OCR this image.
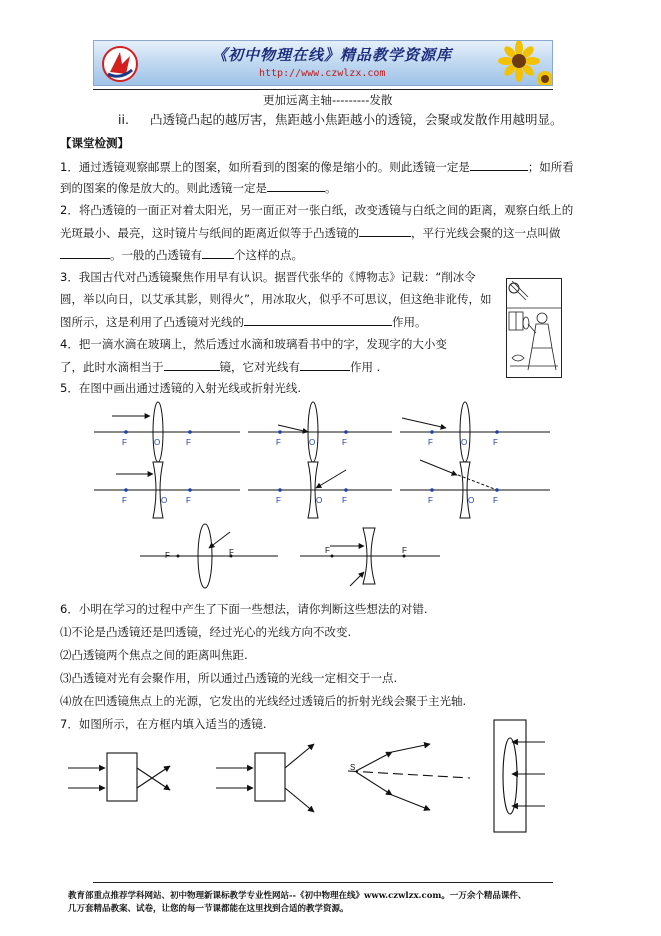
《初中物理在线》精品教学资源库
http://www.czwlzx.com
更加远离主轴---------发散
ii. 凸透镜凸起的越厉害，焦距越小焦距越小的透镜，会聚或发散作用越明显。
【课堂检测】
1．通过透镜观察邮票上的图案，如所看到的图案的像是缩小的。则此透镜一定是	；如所看
到的图案的像是放大的。则此透镜一定是	。
2．将凸透镜的一面正对着太阳光，另一面正对一张白纸，改变透镜与白纸之间的距离，观察白纸上的
光斑最小、最亮，这时镜片与纸间的距离近似等于凸透镜的	，平行光线会聚的这一点叫做
。一般的凸透镜有	个这样的点。
3．我国古代对凸透镜聚焦作用早有认识。据晋代张华的《博物志》记载：“削冰令
圆，举以向日，以艾承其影，则得火”，用冰取火，似乎不可思议，但这绝非讹传，如
图所示，这是利用了凸透镜对光线的	作用。
4．把一滴水滴在玻璃上，然后透过水滴和玻璃看书中的字，发现字的大小变
了，此时水滴相当于	镜，它对光线有	作用 .
5．在图中画出通过透镜的入射光线或折射光线.
F	O	F	F	O	F	F	O	F
F	O F	F	O F	F	O F
F	F	F	F
6．小明在学习的过程中产生了下面一些想法，请你判断这些想法的对错.
⑴不论是凸透镜还是凹透镜，经过光心的光线方向不改变.
⑵凸透镜两个焦点之间的距离叫焦距.
⑶凸透镜对光有会聚作用，所以通过凸透镜的光线一定相交于一点.
⑷放在凹透镜焦点上的光源，它发出的光线经过透镜后的折射光线会聚于主光轴.
7．如图所示，在方框内填入适当的透镜.
S
教育部重点推荐学科网站、初中物理新课标教学专业性网站--《初中物理在线》www.czwlzx.com。一万余个精品课件、
几万套精品教案、试卷，让您的每一节课都能在这里找到合适的教学资源。
